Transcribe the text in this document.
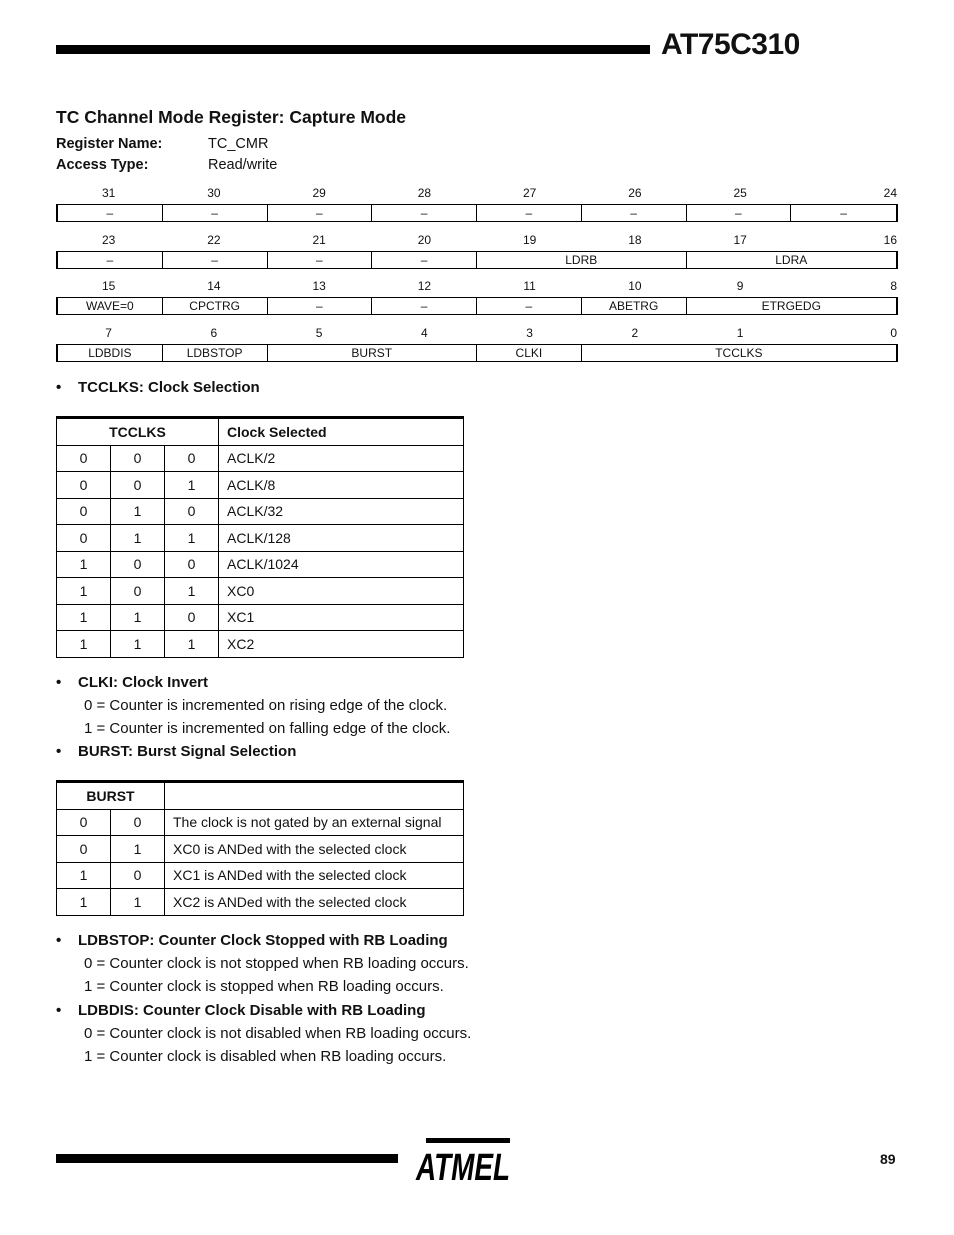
AT75C310
TC Channel Mode Register: Capture Mode
Register Name:	TC_CMR
Access Type:	Read/write
31	30	29	28	27	26	25	24
–	–	–	–	–	–	–	–
23	22	21	20	19	18	17	16
–	–	–	–	LDRB	LDRA
15	14	13	12	11	10	9	8
WAVE=0	CPCTRG	–	–	–	ABETRG	ETRGEDG
7	6	5	4	3	2	1	0
LDBDIS	LDBSTOP	BURST	CLKI	TCCLKS
• TCCLKS: Clock Selection
TCCLKS			Clock Selected
0	0	0	ACLK/2
0	0	1	ACLK/8
0	1	0	ACLK/32
0	1	1	ACLK/128
1	0	0	ACLK/1024
1	0	1	XC0
1	1	0	XC1
1	1	1	XC2
• CLKI: Clock Invert
0 = Counter is incremented on rising edge of the clock.
1 = Counter is incremented on falling edge of the clock.
• BURST: Burst Signal Selection
BURST		
0	0	The clock is not gated by an external signal
0	1	XC0 is ANDed with the selected clock
1	0	XC1 is ANDed with the selected clock
1	1	XC2 is ANDed with the selected clock
• LDBSTOP: Counter Clock Stopped with RB Loading
0 = Counter clock is not stopped when RB loading occurs.
1 = Counter clock is stopped when RB loading occurs.
• LDBDIS: Counter Clock Disable with RB Loading
0 = Counter clock is not disabled when RB loading occurs.
1 = Counter clock is disabled when RB loading occurs.
ATMEL	89
